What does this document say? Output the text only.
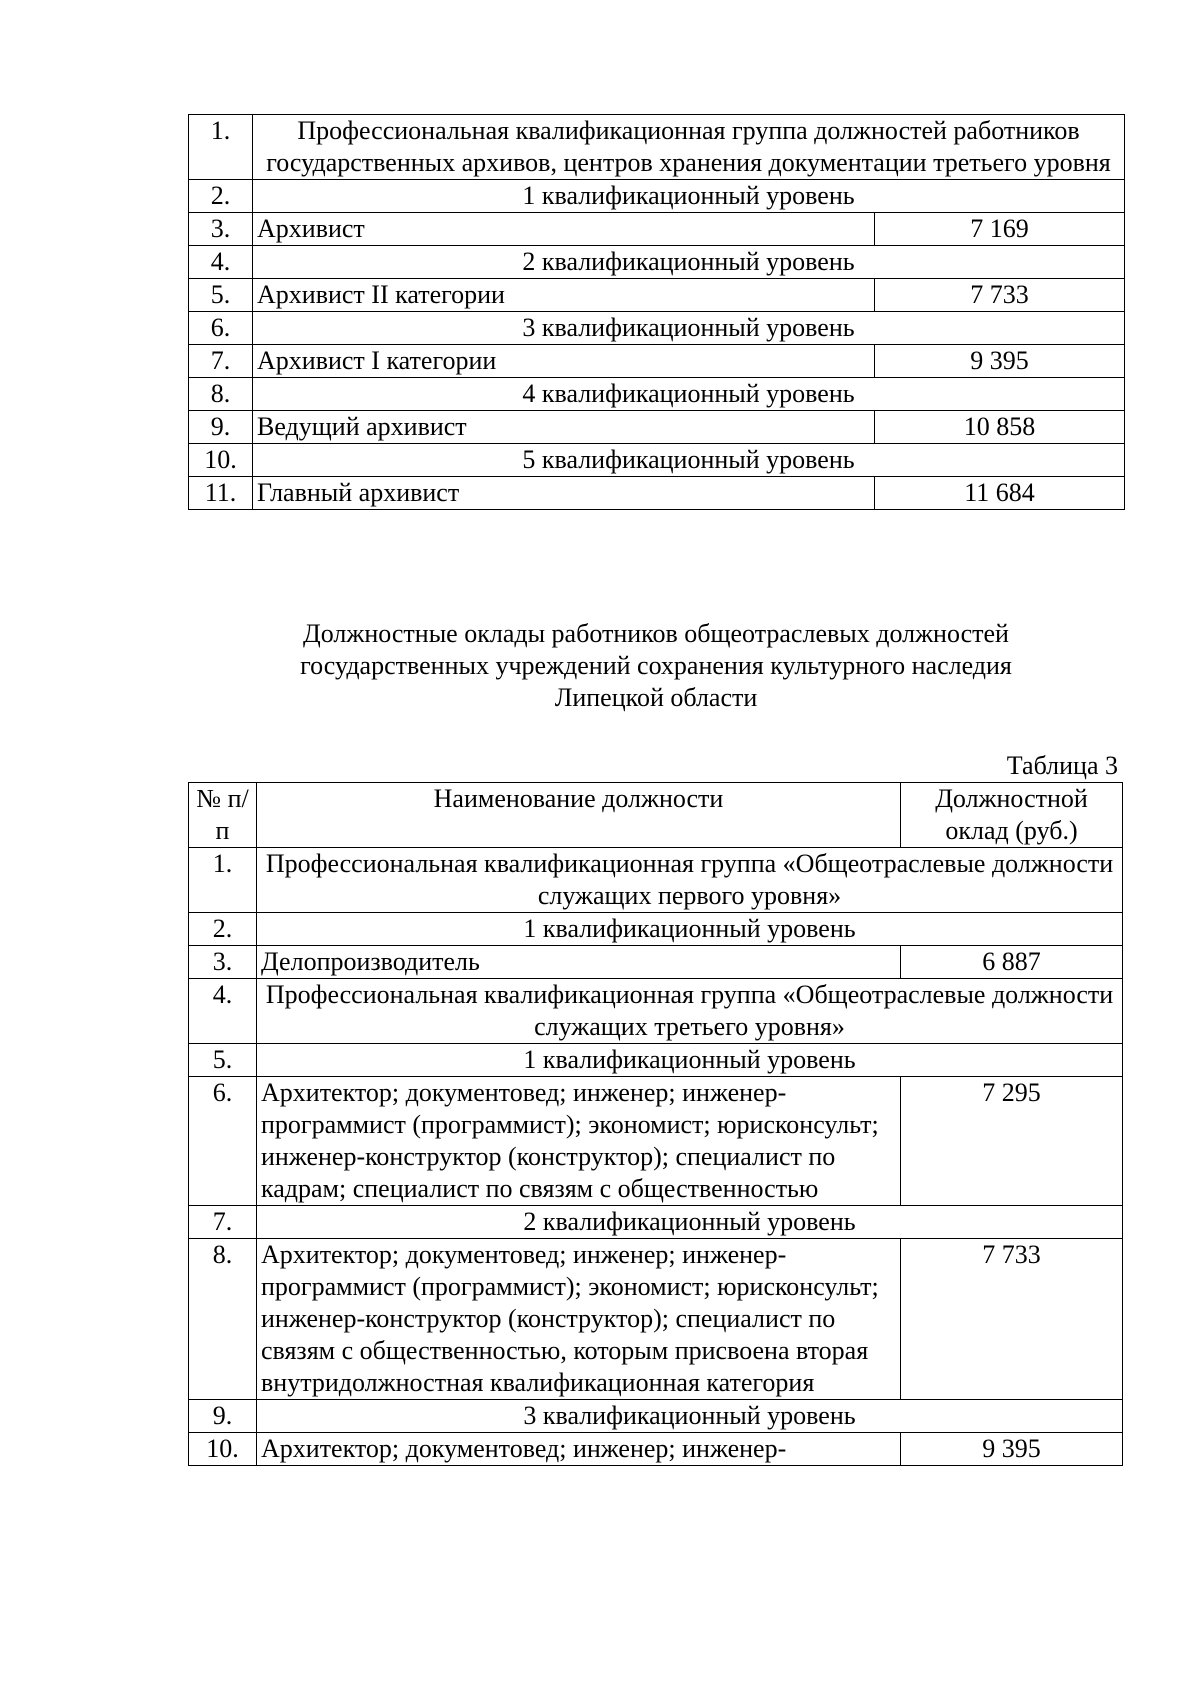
1.	Профессиональная квалификационная группа должностей работников государственных архивов, центров хранения документации третьего уровня	
2.	1 квалификационный уровень	
3.	Архивист	7 169
4.	2 квалификационный уровень	
5.	Архивист II категории	7 733
6.	3 квалификационный уровень	
7.	Архивист I категории	9 395
8.	4 квалификационный уровень	
9.	Ведущий архивист	10 858
10.	5 квалификационный уровень	
11.	Главный архивист	11 684
Должностные оклады работников общеотраслевых должностей
государственных учреждений сохранения культурного наследия
Липецкой области
Таблица 3
№ п/п	Наименование должности	Должностной оклад (руб.)
1.	Профессиональная квалификационная группа «Общеотраслевые должности служащих первого уровня»	
2.	1 квалификационный уровень	
3.	Делопроизводитель	6 887
4.	Профессиональная квалификационная группа «Общеотраслевые должности служащих третьего уровня»	
5.	1 квалификационный уровень	
6.	Архитектор; документовед; инженер; инженер-программист (программист); экономист; юрисконсульт; инженер-конструктор (конструктор); специалист по кадрам; специалист по связям с общественностью	7 295
7.	2 квалификационный уровень	
8.	Архитектор; документовед; инженер; инженер-программист (программист); экономист; юрисконсульт; инженер-конструктор (конструктор); специалист по связям с общественностью, которым присвоена вторая внутридолжностная квалификационная категория	7 733
9.	3 квалификационный уровень	
10.	Архитектор; документовед; инженер; инженер-	9 395
